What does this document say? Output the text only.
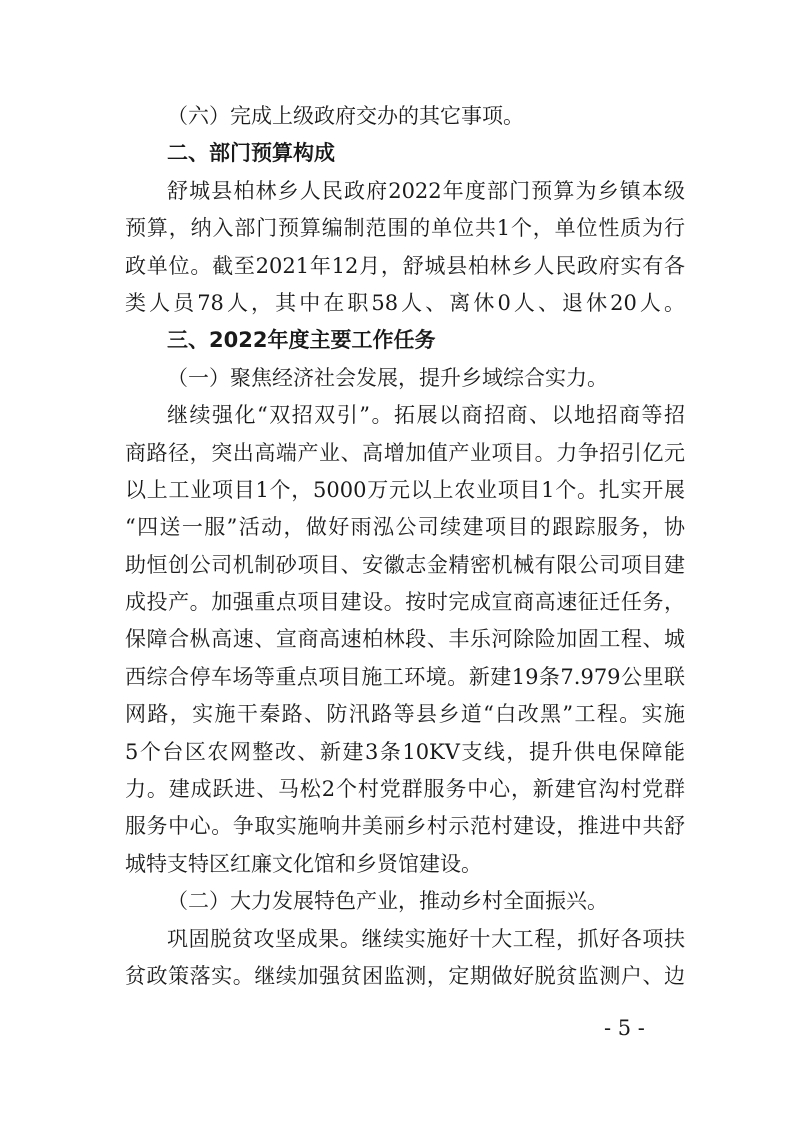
（六）完成上级政府交办的其它事项。
二、部门预算构成
舒城县柏林乡人民政府2022年度部门预算为乡镇本级
预算，纳入部门预算编制范围的单位共1个，单位性质为行
政单位。截至2021年12月，舒城县柏林乡人民政府实有各
类人员78人，其中在职58人、离休0人、退休20人。
三、2022年度主要工作任务
（一）聚焦经济社会发展，提升乡域综合实力。
继续强化“双招双引”。拓展以商招商、以地招商等招
商路径，突出高端产业、高增加值产业项目。力争招引亿元
以上工业项目1个，5000万元以上农业项目1个。扎实开展
“四送一服”活动，做好雨泓公司续建项目的跟踪服务，协
助恒创公司机制砂项目、安徽志金精密机械有限公司项目建
成投产。加强重点项目建设。按时完成宣商高速征迁任务，
保障合枞高速、宣商高速柏林段、丰乐河除险加固工程、城
西综合停车场等重点项目施工环境。新建19条7.979公里联
网路，实施干秦路、防汛路等县乡道“白改黑”工程。实施
5个台区农网整改、新建3条10KV支线，提升供电保障能
力。建成跃进、马松2个村党群服务中心，新建官沟村党群
服务中心。争取实施响井美丽乡村示范村建设，推进中共舒
城特支特区红廉文化馆和乡贤馆建设。
（二）大力发展特色产业，推动乡村全面振兴。
巩固脱贫攻坚成果。继续实施好十大工程，抓好各项扶
贫政策落实。继续加强贫困监测，定期做好脱贫监测户、边
- 5 -
